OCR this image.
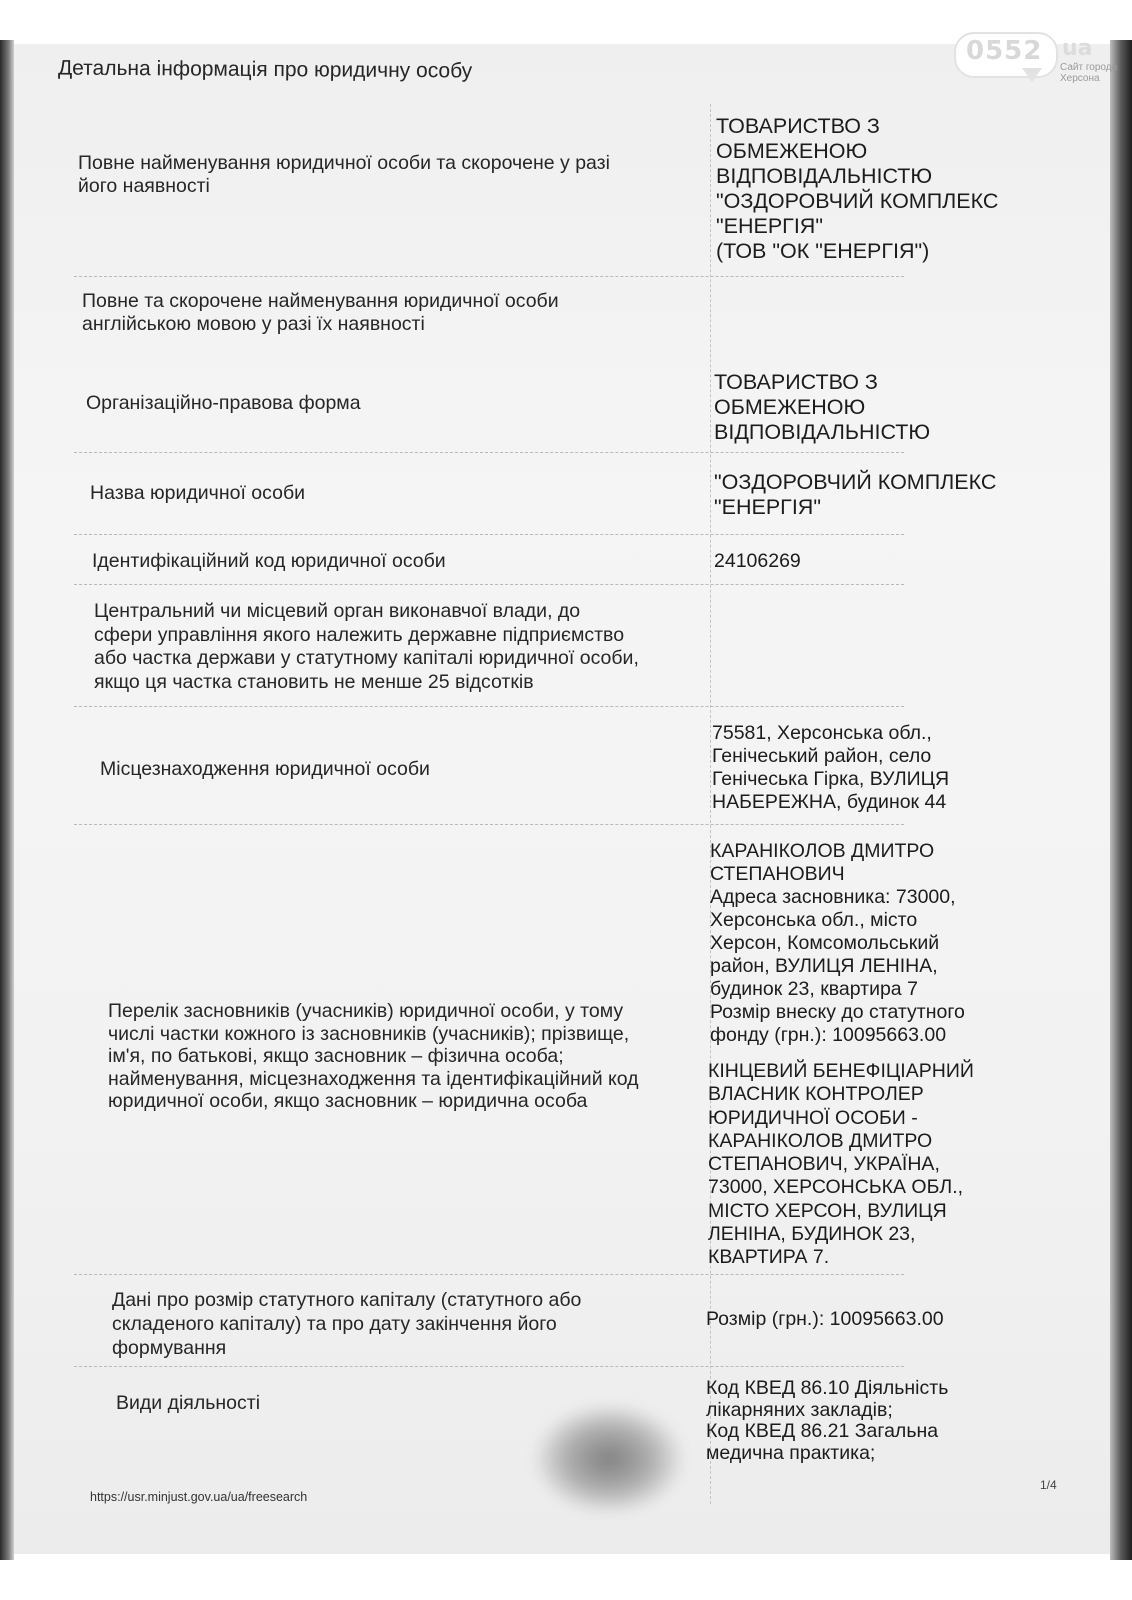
Детальна інформація про юридичну особу
Повне найменування юридичної особи та скорочене у разі
його наявності
ТОВАРИСТВО З
ОБМЕЖЕНОЮ
ВІДПОВІДАЛЬНІСТЮ
"ОЗДОРОВЧИЙ КОМПЛЕКС
"ЕНЕРГІЯ"
(ТОВ "ОК "ЕНЕРГІЯ")
Повне та скорочене найменування юридичної особи
англійською мовою у разі їх наявності
Організаційно-правова форма
ТОВАРИСТВО З
ОБМЕЖЕНОЮ
ВІДПОВІДАЛЬНІСТЮ
Назва юридичної особи	"ОЗДОРОВЧИЙ КОМПЛЕКС
"ЕНЕРГІЯ"
Ідентифікаційний код юридичної особи	24106269
Центральний чи місцевий орган виконавчої влади, до
сфери управління якого належить державне підприємство
або частка держави у статутному капіталі юридичної особи,
якщо ця частка становить не менше 25 відсотків
Місцезнаходження юридичної особи
75581, Херсонська обл.,
Генічеський район, село
Генічеська Гірка, ВУЛИЦЯ
НАБЕРЕЖНА, будинок 44
Перелік засновників (учасників) юридичної особи, у тому
числі частки кожного із засновників (учасників); прізвище,
ім'я, по батькові, якщо засновник – фізична особа;
найменування, місцезнаходження та ідентифікаційний код
юридичної особи, якщо засновник – юридична особа
КАРАНІКОЛОВ ДМИТРО
СТЕПАНОВИЧ
Адреса засновника: 73000,
Херсонська обл., місто
Херсон, Комсомольський
район, ВУЛИЦЯ ЛЕНІНА,
будинок 23, квартира 7
Розмір внеску до статутного
фонду (грн.): 10095663.00
КІНЦЕВИЙ БЕНЕФІЦІАРНИЙ
ВЛАСНИК КОНТРОЛЕР
ЮРИДИЧНОЇ ОСОБИ -
КАРАНІКОЛОВ ДМИТРО
СТЕПАНОВИЧ, УКРАЇНА,
73000, ХЕРСОНСЬКА ОБЛ.,
МІСТО ХЕРСОН, ВУЛИЦЯ
ЛЕНІНА, БУДИНОК 23,
КВАРТИРА 7.
Дані про розмір статутного капіталу (статутного або
складеного капіталу) та про дату закінчення його
формування
Розмір (грн.): 10095663.00
Види діяльності
Код КВЕД 86.10 Діяльність
лікарняних закладів;
Код КВЕД 86.21 Загальна
медична практика;
https://usr.minjust.gov.ua/ua/freesearch
1/4
0552 ua
Сайт города Херсона
